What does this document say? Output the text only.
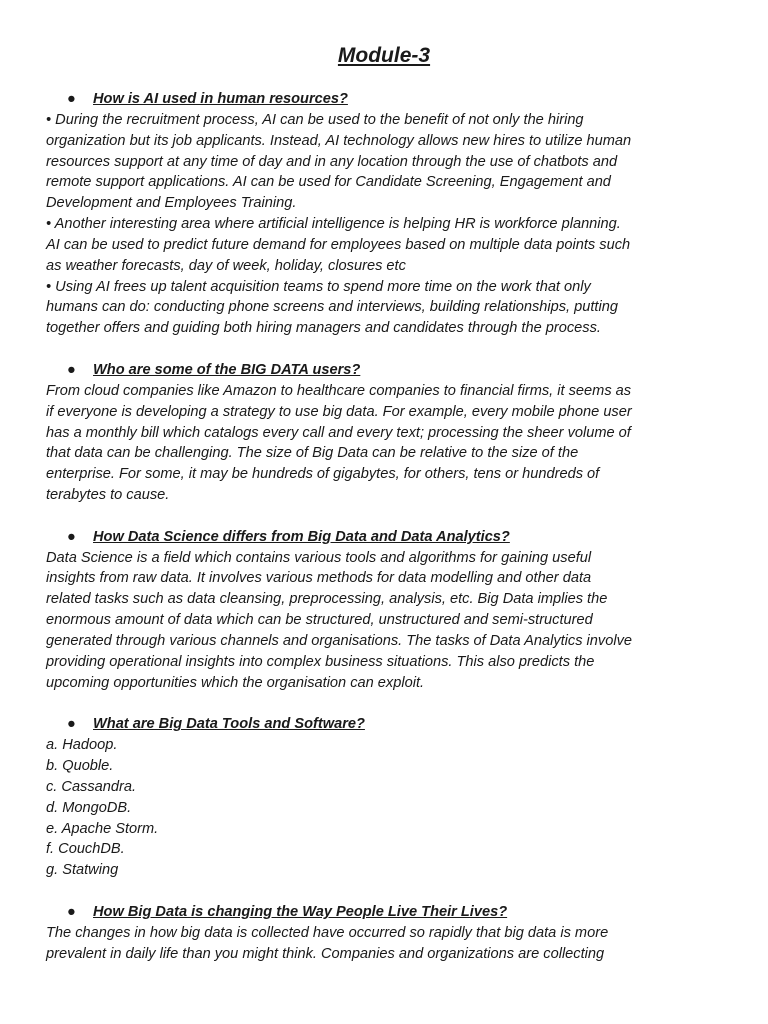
Module-3
● How is AI used in human resources?
• During the recruitment process, AI can be used to the benefit of not only the hiring
organization but its job applicants. Instead, AI technology allows new hires to utilize human
resources support at any time of day and in any location through the use of chatbots and
remote support applications. AI can be used for Candidate Screening, Engagement and
Development and Employees Training.
• Another interesting area where artificial intelligence is helping HR is workforce planning.
AI can be used to predict future demand for employees based on multiple data points such
as weather forecasts, day of week, holiday, closures etc
• Using AI frees up talent acquisition teams to spend more time on the work that only
humans can do: conducting phone screens and interviews, building relationships, putting
together offers and guiding both hiring managers and candidates through the process.
● Who are some of the BIG DATA users?
From cloud companies like Amazon to healthcare companies to financial firms, it seems as
if everyone is developing a strategy to use big data. For example, every mobile phone user
has a monthly bill which catalogs every call and every text; processing the sheer volume of
that data can be challenging. The size of Big Data can be relative to the size of the
enterprise. For some, it may be hundreds of gigabytes, for others, tens or hundreds of
terabytes to cause.
● How Data Science differs from Big Data and Data Analytics?
Data Science is a field which contains various tools and algorithms for gaining useful
insights from raw data. It involves various methods for data modelling and other data
related tasks such as data cleansing, preprocessing, analysis, etc. Big Data implies the
enormous amount of data which can be structured, unstructured and semi-structured
generated through various channels and organisations. The tasks of Data Analytics involve
providing operational insights into complex business situations. This also predicts the
upcoming opportunities which the organisation can exploit.
● What are Big Data Tools and Software?
a. Hadoop.
b. Quoble.
c. Cassandra.
d. MongoDB.
e. Apache Storm.
f. CouchDB.
g. Statwing
● How Big Data is changing the Way People Live Their Lives?
The changes in how big data is collected have occurred so rapidly that big data is more
prevalent in daily life than you might think. Companies and organizations are collecting
